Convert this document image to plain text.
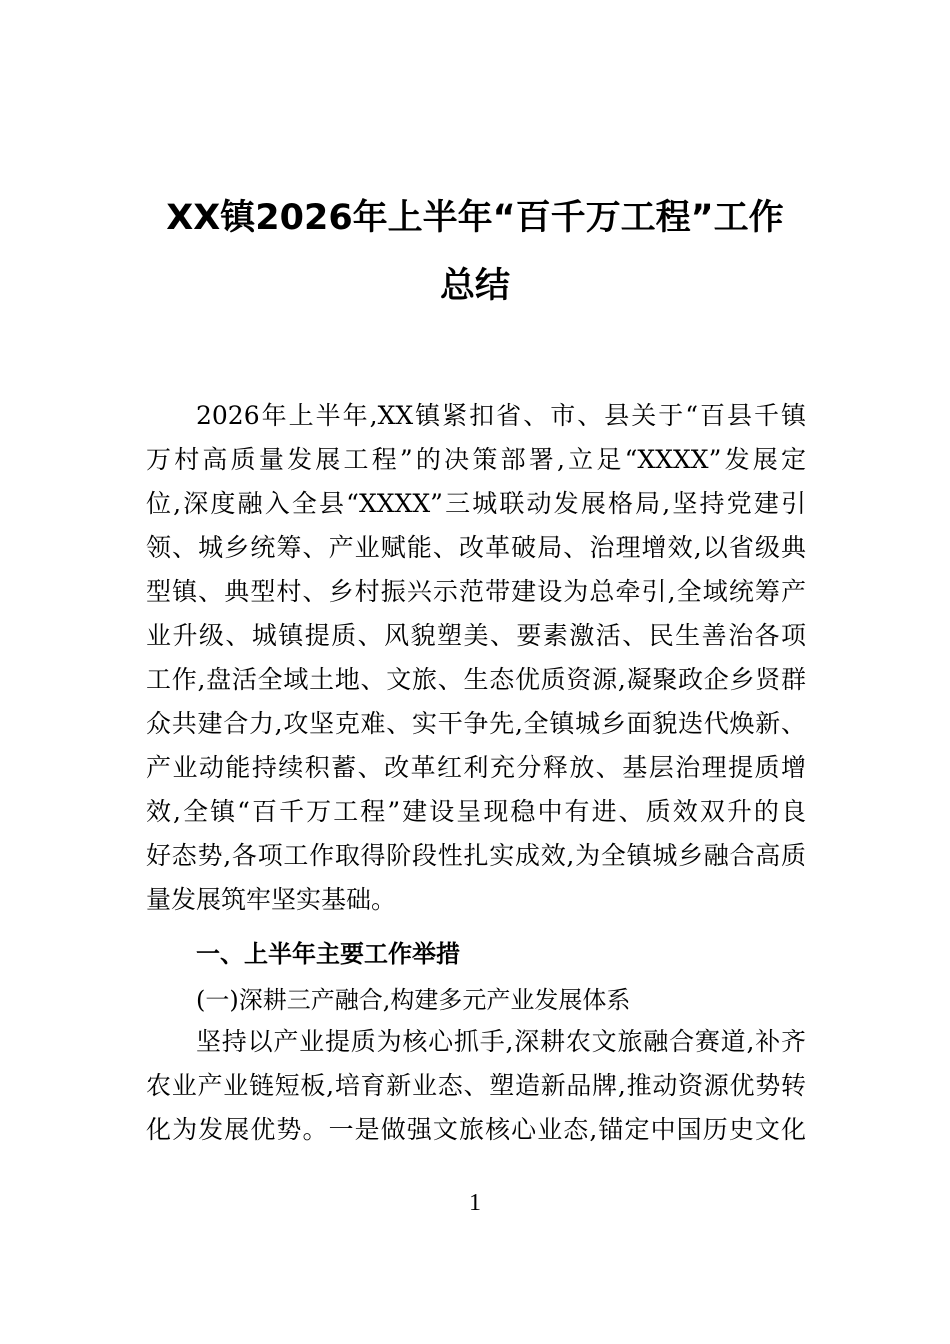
XX镇2026年上半年“百千万工程”工作
总结
2026年上半年,XX镇紧扣省、市、县关于“百县千镇
万村高质量发展工程”的决策部署,立足“XXXX”发展定
位,深度融入全县“XXXX”三城联动发展格局,坚持党建引
领、城乡统筹、产业赋能、改革破局、治理增效,以省级典
型镇、典型村、乡村振兴示范带建设为总牵引,全域统筹产
业升级、城镇提质、风貌塑美、要素激活、民生善治各项
工作,盘活全域土地、文旅、生态优质资源,凝聚政企乡贤群
众共建合力,攻坚克难、实干争先,全镇城乡面貌迭代焕新、
产业动能持续积蓄、改革红利充分释放、基层治理提质增
效,全镇“百千万工程”建设呈现稳中有进、质效双升的良
好态势,各项工作取得阶段性扎实成效,为全镇城乡融合高质
量发展筑牢坚实基础。
一、上半年主要工作举措
(一)深耕三产融合,构建多元产业发展体系
坚持以产业提质为核心抓手,深耕农文旅融合赛道,补齐
农业产业链短板,培育新业态、塑造新品牌,推动资源优势转
化为发展优势。一是做强文旅核心业态,锚定中国历史文化
1
